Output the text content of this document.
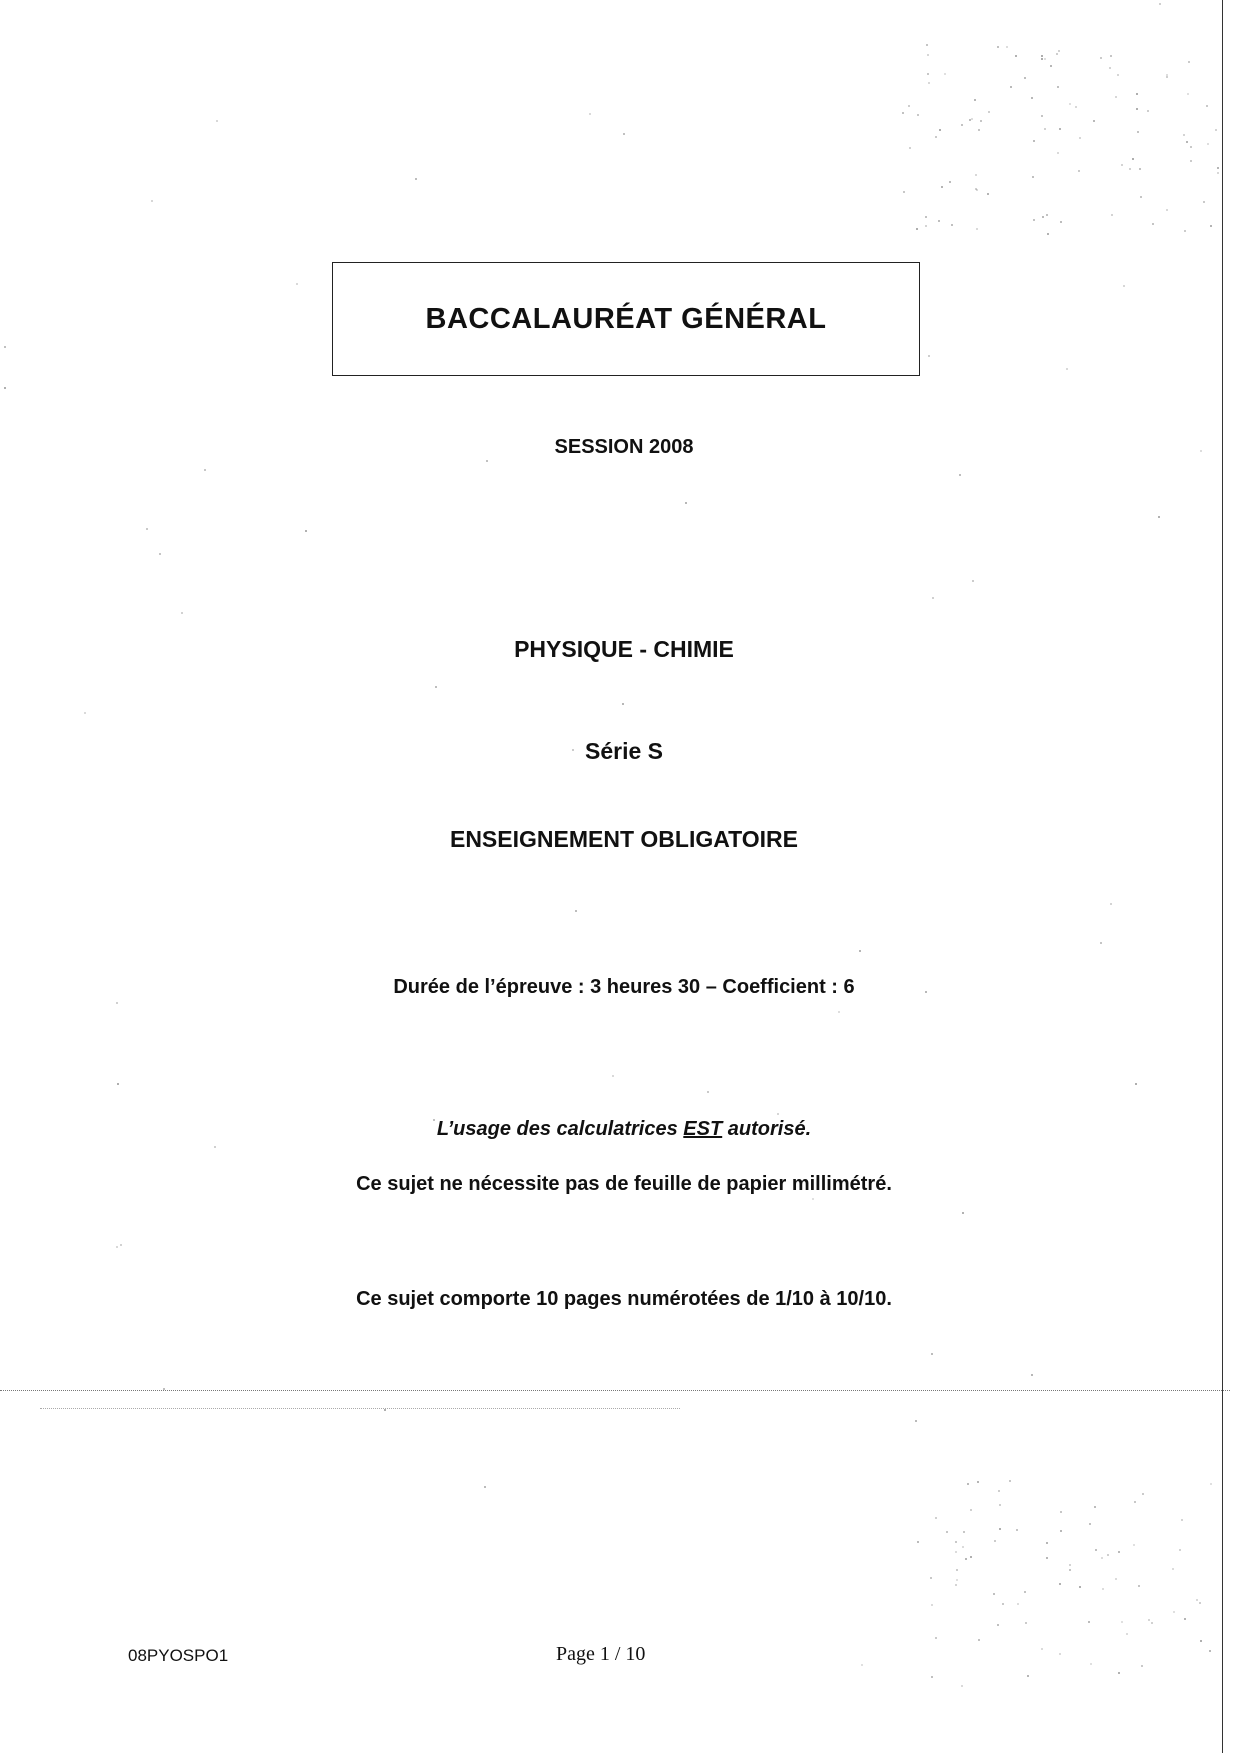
BACCALAURÉAT GÉNÉRAL
SESSION 2008
PHYSIQUE - CHIMIE
Série S
ENSEIGNEMENT OBLIGATOIRE
Durée de l’épreuve : 3 heures 30 – Coefficient : 6
L’usage des calculatrices EST autorisé.
Ce sujet ne nécessite pas de feuille de papier millimétré.
Ce sujet comporte 10 pages numérotées de 1/10 à 10/10.
08PYOSPO1	Page 1 / 10
